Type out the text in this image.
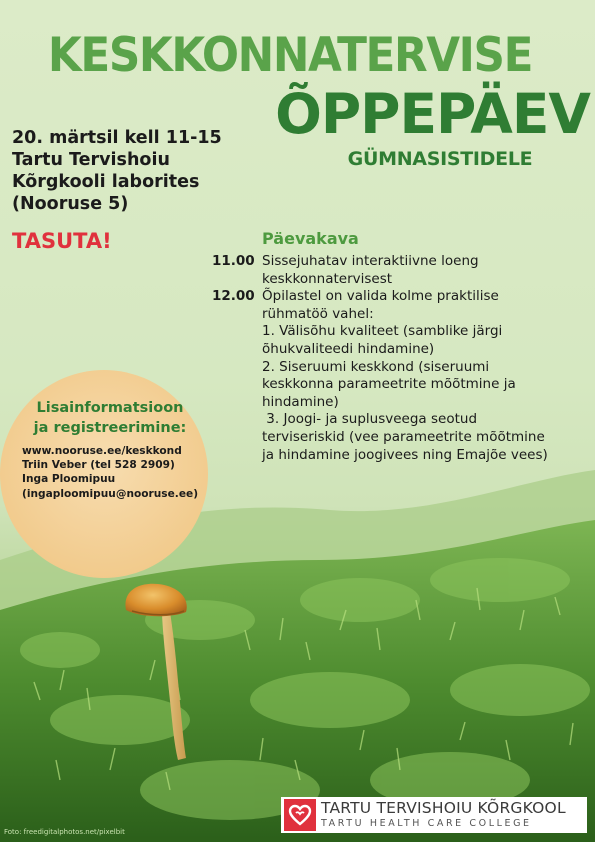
KESKKONNATERVISE
ÕPPEPÄEV
GÜMNASISTIDELE
20. märtsil kell 11-15
Tartu Tervishoiu
Kõrgkooli laborites
(Nooruse 5)
TASUTA!	Päevakava
11.00 Sissejuhatav interaktiivne loeng
keskkonnatervisest
12.00 Õpilastel on valida kolme praktilise
rühmatöö vahel:
1. Välisõhu kvaliteet (samblike järgi
õhukvaliteedi hindamine)
2. Siseruumi keskkond (siseruumi
keskkonna parameetrite mõõtmine ja
hindamine)
3. Joogi- ja suplusveega seotud
terviseriskid (vee parameetrite mõõtmine
ja hindamine joogivees ning Emajõe vees)
Lisainformatsioon
ja registreerimine:
www.nooruse.ee/keskkond
Triin Veber (tel 528 2909)
Inga Ploomipuu
(ingaploomipuu@nooruse.ee)
TARTU TERVISHOIU KÕRGKOOL
TARTU HEALTH CARE COLLEGE
Foto: freedigitalphotos.net/pixelbit
